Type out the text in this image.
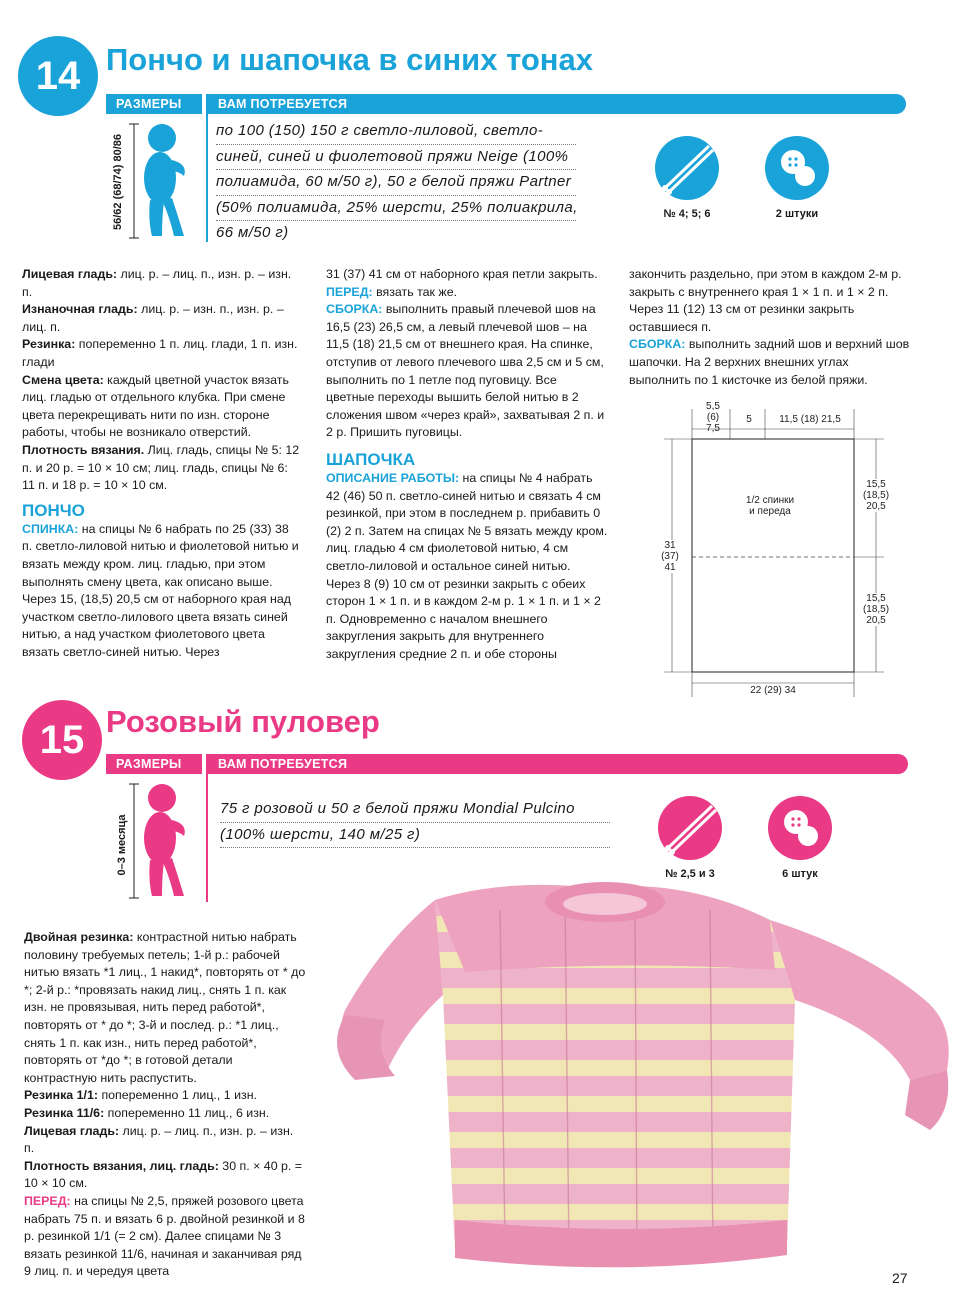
14 Пончо и шапочка в синих тонах
РАЗМЕРЫ	ВАМ ПОТРЕБУЕТСЯ
56/62 (68/74) 80/86
по 100 (150) 150 г светло-лиловой, светло-
синей, синей и фиолетовой пряжи Neige (100%
полиамида, 60 м/50 г), 50 г белой пряжи Partner
(50% полиамида, 25% шерсти, 25% полиакрила,
66 м/50 г)
№ 4; 5; 6	2 штуки

Лицевая гладь: лиц. р. – лиц. п., изн. р. – изн. п.

Изнаночная гладь: лиц. р. – изн. п., изн. р. – лиц. п.

Резинка: попеременно 1 п. лиц. глади, 1 п. изн. глади

Смена цвета: каждый цветной участок вязать лиц. гладью от отдельного клубка. При смене цвета перекрещивать нити по изн. стороне работы, чтобы не возникало отверстий.

Плотность вязания. Лиц. гладь, спицы № 5: 12 п. и 20 р. = 10 × 10 см; лиц. гладь, спицы № 6: 11 п. и 18 р. = 10 × 10 см.

ПОНЧО

СПИНКА: на спицы № 6 набрать по 25 (33) 38 п. светло-лиловой нитью и фиолетовой нитью и вязать между кром. лиц. гладью, при этом выполнять смену цвета, как описано выше. Через 15, (18,5) 20,5 см от наборного края над участком светло-лилового цвета вязать синей нитью, а над участком фиолетового цвета вязать светло-синей нитью. Через

31 (37) 41 см от наборного края петли закрыть.

ПЕРЕД: вязать так же.

СБОРКА: выполнить правый плечевой шов на 16,5 (23) 26,5 см, а левый плечевой шов – на 11,5 (18) 21,5 см от внешнего края. На спинке, отступив от левого плечевого шва 2,5 см и 5 см, выполнить по 1 петле под пуговицу. Все цветные переходы вышить белой нитью в 2 сложения швом «через край», захватывая 2 п. и 2 р. Пришить пуговицы.

ШАПОЧКА

ОПИСАНИЕ РАБОТЫ: на спицы № 4 набрать 42 (46) 50 п. светло-синей нитью и связать 4 см резинкой, при этом в последнем р. прибавить 0 (2) 2 п. Затем на спицах № 5 вязать между кром. лиц. гладью 4 см фиолетовой нитью, 4 см светло-лиловой и остальное синей нитью. Через 8 (9) 10 см от резинки закрыть с обеих сторон 1 × 1 п. и в каждом 2-м р. 1 × 1 п. и 1 × 2 п. Одновременно с началом внешнего закругления закрыть для внутреннего закругления средние 2 п. и обе стороны

закончить раздельно, при этом в каждом 2-м р. закрыть с внутреннего края 1 × 1 п. и 1 × 2 п. Через 11 (12) 13 см от резинки закрыть оставшиеся п.

СБОРКА: выполнить задний шов и верхний шов шапочки. На 2 верхних внешних углах выполнить по 1 кисточке из белой пряжи.

5,5
(6)
7,5
5	11,5 (18) 21,5
1/2 спинки
и переда
31
(37)
41
15,5
(18,5)
20,5
15,5
(18,5)
20,5
22 (29) 34
15 Розовый пуловер
РАЗМЕРЫ	ВАМ ПОТРЕБУЕТСЯ
0–3 месяца
75 г розовой и 50 г белой пряжи Mondial Pulcino
(100% шерсти, 140 м/25 г)
№ 2,5 и 3	6 штук

Двойная резинка: контрастной нитью набрать половину требуемых петель; 1-й р.: рабочей нитью вязать *1 лиц., 1 накид*, повторять от * до *; 2-й р.: *провязать накид лиц., снять 1 п. как изн. не провязывая, нить перед работой*, повторять от * до *; 3-й и послед. р.: *1 лиц., снять 1 п. как изн., нить перед работой*, повторять от *до *; в готовой детали контрастную нить распустить.

Резинка 1/1: попеременно 1 лиц., 1 изн.

Резинка 11/6: попеременно 11 лиц., 6 изн.

Лицевая гладь: лиц. р. – лиц. п., изн. р. – изн. п.

Плотность вязания, лиц. гладь: 30 п. × 40 р. = 10 × 10 см.

ПЕРЕД: на спицы № 2,5, пряжей розового цвета набрать 75 п. и вязать 6 р. двойной резинкой и 8 р. резинкой 1/1 (= 2 см). Далее спицами № 3 вязать резинкой 11/6, начиная и заканчивая ряд 9 лиц. п. и чередуя цвета	27
